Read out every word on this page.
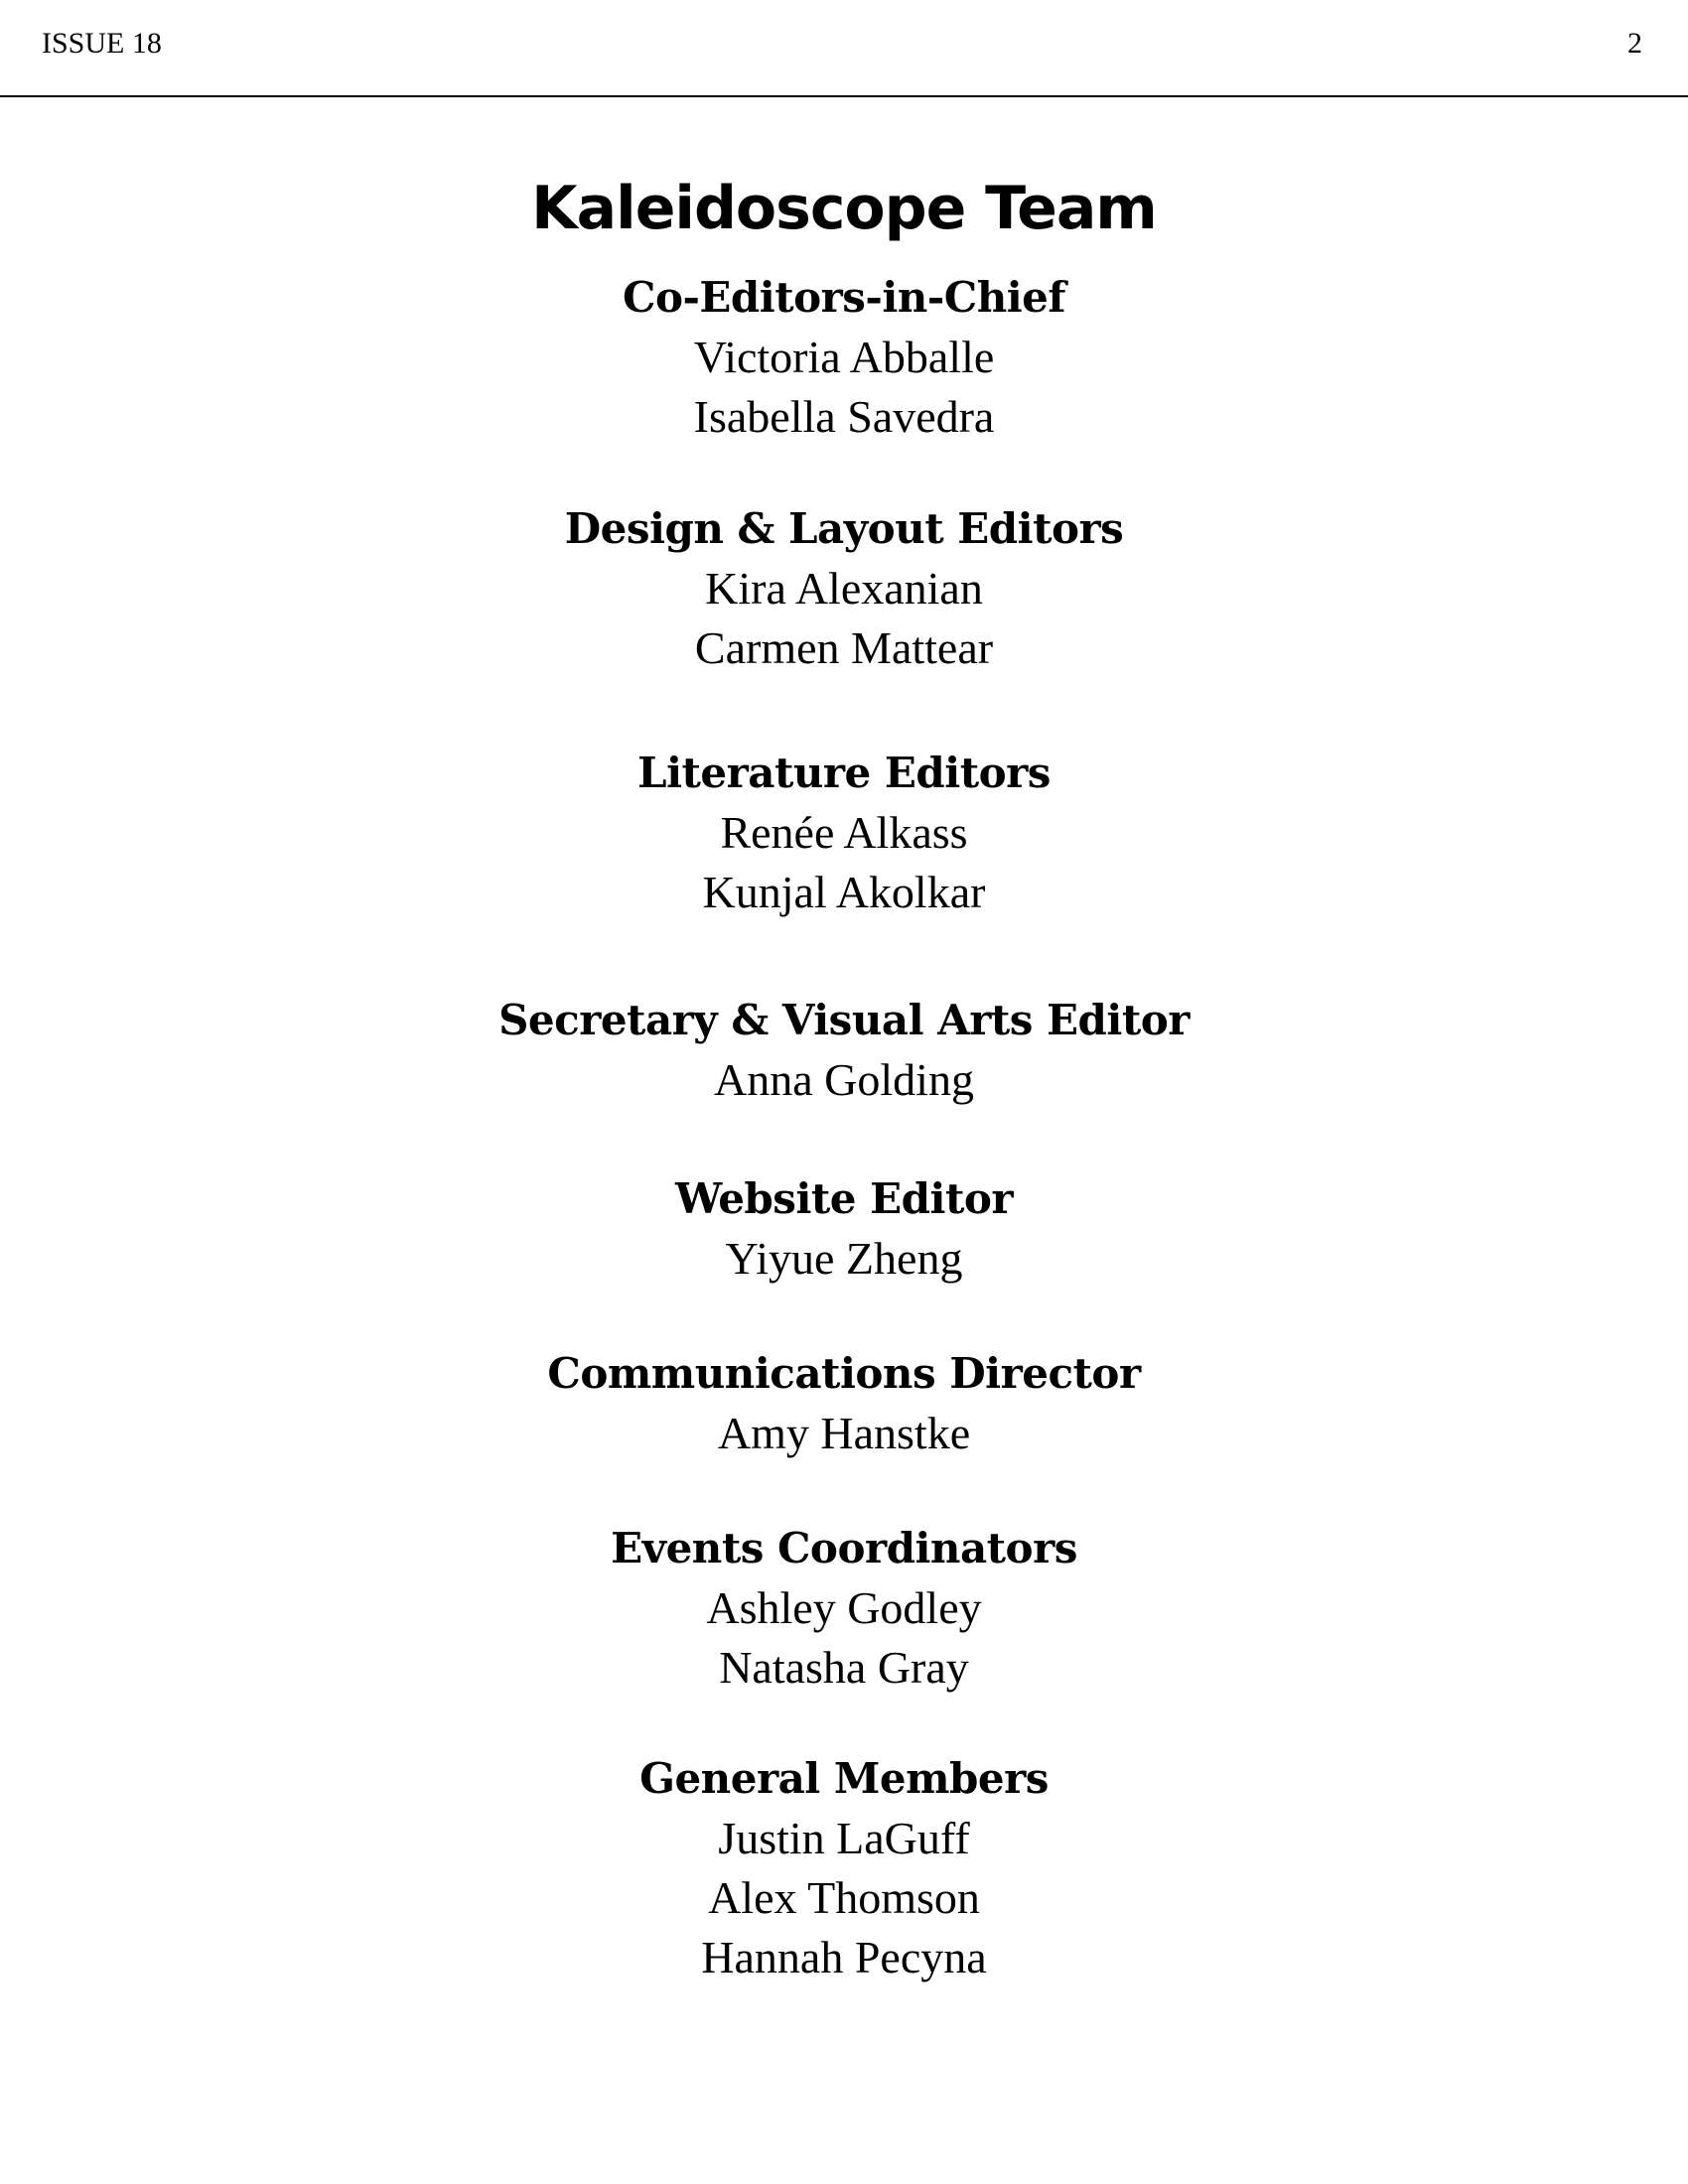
ISSUE 18	2
Kaleidoscope Team
Co-Editors-in-Chief
Victoria Abballe
Isabella Savedra
Design & Layout Editors
Kira Alexanian
Carmen Mattear
Literature Editors
Renée Alkass
Kunjal Akolkar
Secretary & Visual Arts Editor
Anna Golding
Website Editor
Yiyue Zheng
Communications Director
Amy Hanstke
Events Coordinators
Ashley Godley
Natasha Gray
General Members
Justin LaGuff
Alex Thomson
Hannah Pecyna
